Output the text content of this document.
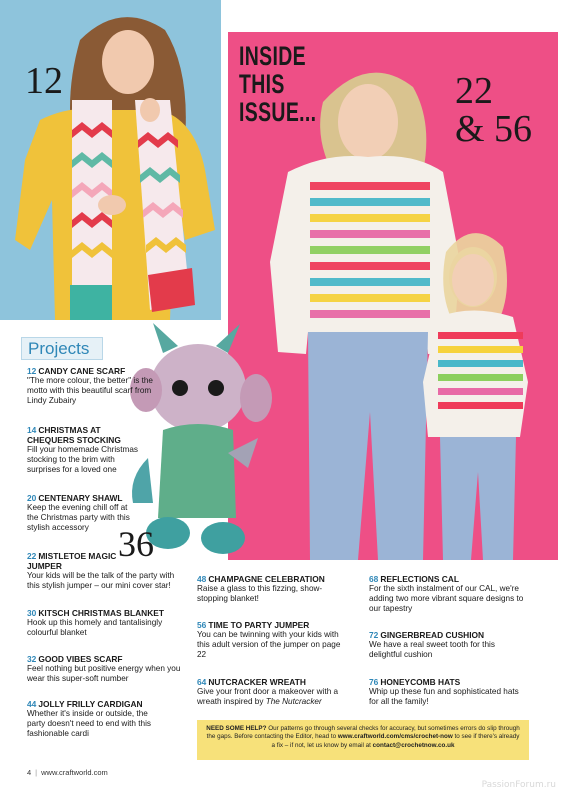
12
INSIDE
THIS
ISSUE...	22
& 56
36
Projects
12 CANDY CANE SCARF
"The more colour, the better" is the motto with this beautiful scarf from Lindy Zubairy
14 CHRISTMAS AT CHEQUERS STOCKING
Fill your homemade Christmas stocking to the brim with surprises for a loved one
20 CENTENARY SHAWL
Keep the evening chill off at the Christmas party with this stylish accessory
22 MISTLETOE MAGIC JUMPER
Your kids will be the talk of the party with this stylish jumper – our mini cover star!
30 KITSCH CHRISTMAS BLANKET
Hook up this homely and tantalisingly colourful blanket
32 GOOD VIBES SCARF
Feel nothing but positive energy when you wear this super-soft number
44 JOLLY FRILLY CARDIGAN
Whether it's inside or outside, the party doesn't need to end with this fashionable cardi
48 CHAMPAGNE CELEBRATION
Raise a glass to this fizzing, show-stopping blanket!
56 TIME TO PARTY JUMPER
You can be twinning with your kids with this adult version of the jumper on page 22
64 NUTCRACKER WREATH
Give your front door a makeover with a wreath inspired by The Nutcracker
68 REFLECTIONS CAL
For the sixth instalment of our CAL, we're adding two more vibrant square designs to our tapestry
72 GINGERBREAD CUSHION
We have a real sweet tooth for this delightful cushion
76 HONEYCOMB HATS
Whip up these fun and sophisticated hats for all the family!

NEED SOME HELP? Our patterns go through several checks for accuracy, but sometimes errors do slip through the gaps. Before contacting the Editor, head to www.craftworld.com/cms/crochet-now to see if there's already a fix – if not, let us know by email at contact@crochetnow.co.uk

4 | www.craftworld.com
PassionForum.ru
